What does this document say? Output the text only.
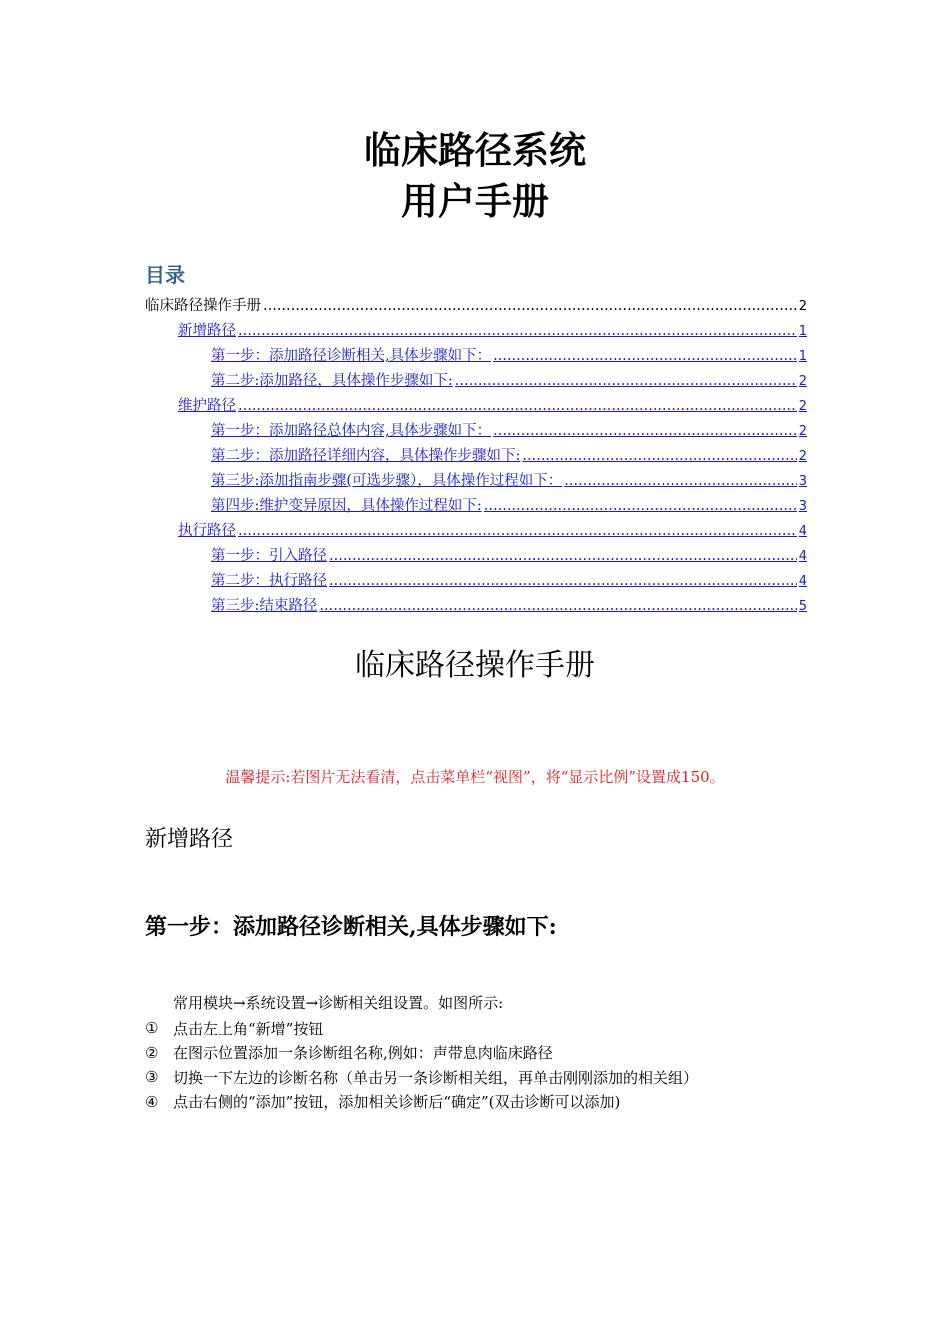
临床路径系统
用户手册
目录
临床路径操作手册 .....	2
新增路径 .....	1
第一步：添加路径诊断相关,具体步骤如下： .....	1
第二步:添加路径，具体操作步骤如下: .....	2
维护路径 .....	2
第一步：添加路径总体内容,具体步骤如下： .....	2
第二步：添加路径详细内容，具体操作步骤如下: .....	2
第三步:添加指南步骤(可选步骤），具体操作过程如下： .....	3
第四步:维护变异原因，具体操作过程如下: .....	3
执行路径 .....	4
第一步：引入路径 .....	4
第二步：执行路径 .....	4
第三步:结束路径 .....	5
临床路径操作手册
温馨提示:若图片无法看清，点击菜单栏“视图”，将“显示比例”设置成150。
新增路径
第一步：添加路径诊断相关,具体步骤如下:
常用模块→系统设置→诊断相关组设置。如图所示:
① 点击左上角“新增”按钮
② 在图示位置添加一条诊断组名称,例如：声带息肉临床路径
③ 切换一下左边的诊断名称（单击另一条诊断相关组，再单击刚刚添加的相关组）
④ 点击右侧的“添加”按钮，添加相关诊断后“确定”(双击诊断可以添加)
